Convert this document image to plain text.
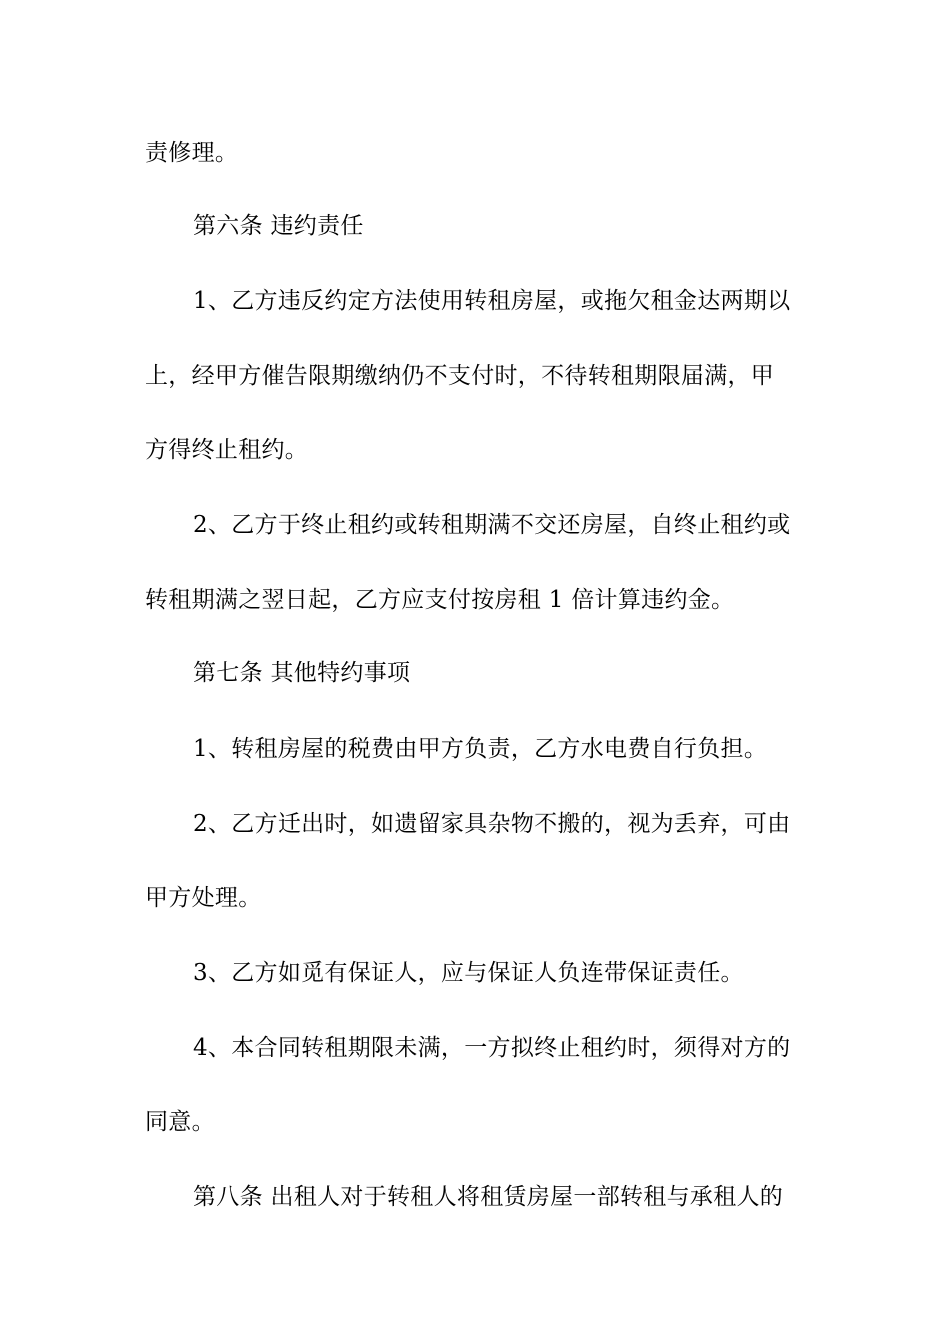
责修理。
第六条 违约责任
1、乙方违反约定方法使用转租房屋，或拖欠租金达两期以
上，经甲方催告限期缴纳仍不支付时，不待转租期限届满，甲
方得终止租约。
2、乙方于终止租约或转租期满不交还房屋，自终止租约或
转租期满之翌日起，乙方应支付按房租 1 倍计算违约金。
第七条 其他特约事项
1、转租房屋的税费由甲方负责，乙方水电费自行负担。
2、乙方迁出时，如遗留家具杂物不搬的，视为丢弃，可由
甲方处理。
3、乙方如觅有保证人，应与保证人负连带保证责任。
4、本合同转租期限未满，一方拟终止租约时，须得对方的
同意。
第八条 出租人对于转租人将租赁房屋一部转租与承租人的
